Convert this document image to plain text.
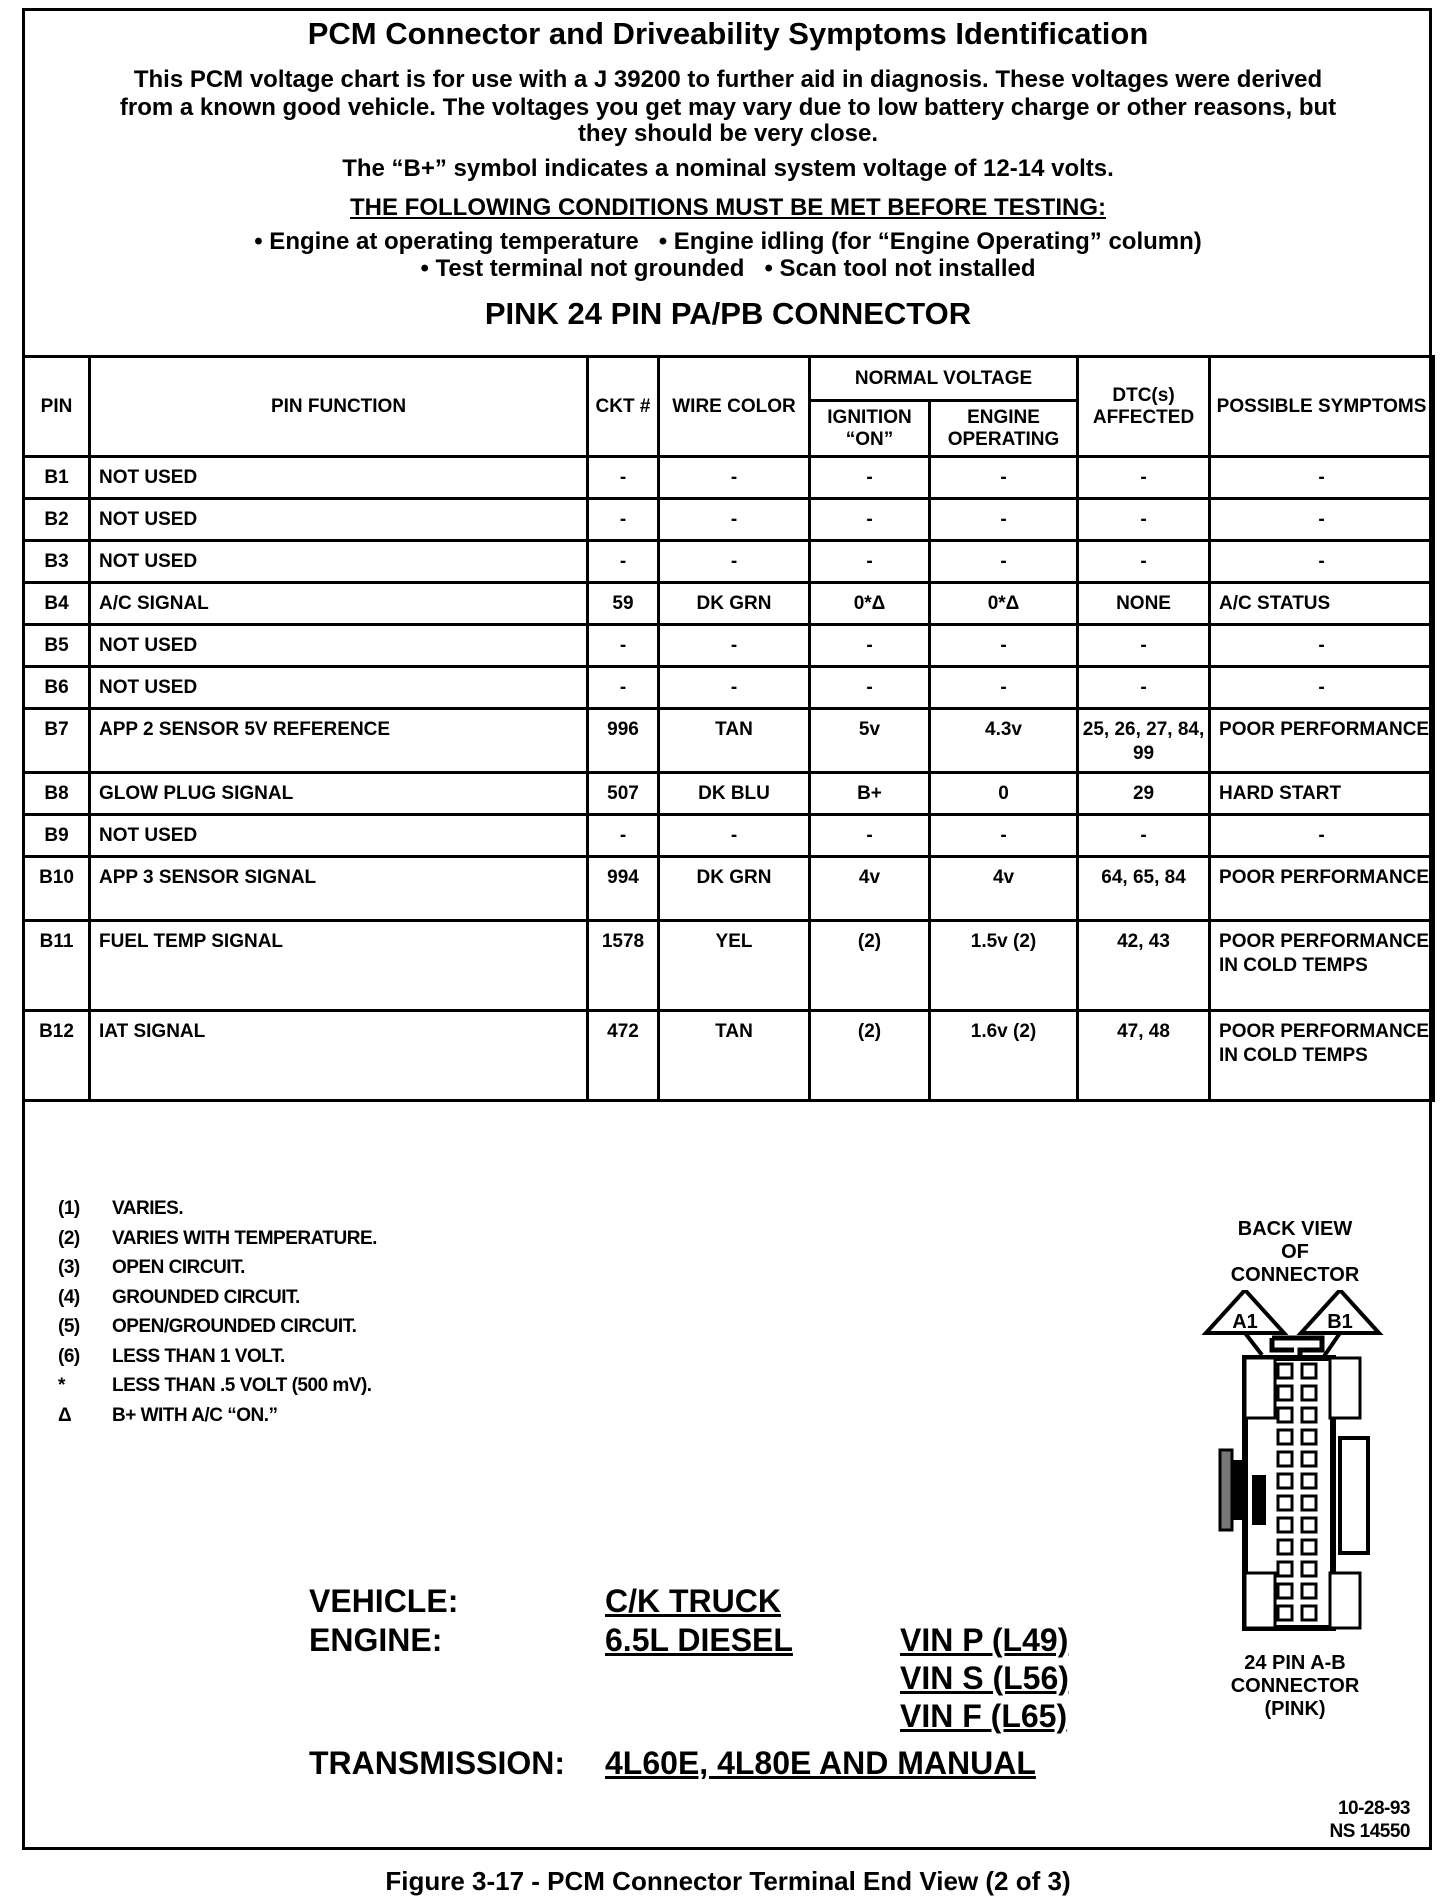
PCM Connector and Driveability Symptoms Identification
This PCM voltage chart is for use with a J 39200 to further aid in diagnosis. These voltages were derived
from a known good vehicle. The voltages you get may vary due to low battery charge or other reasons, but
they should be very close.
The “B+” symbol indicates a nominal system voltage of 12-14 volts.
THE FOLLOWING CONDITIONS MUST BE MET BEFORE TESTING:
• Engine at operating temperature   • Engine idling (for “Engine Operating” column)
• Test terminal not grounded   • Scan tool not installed
PINK 24 PIN PA/PB CONNECTOR
PIN	PIN FUNCTION	CKT #	WIRE COLOR	NORMAL VOLTAGE		DTC(s) AFFECTED	POSSIBLE SYMPTOMS
				IGNITION “ON”	ENGINE OPERATING		
B1	NOT USED	-	-	-	-	-	-
B2	NOT USED	-	-	-	-	-	-
B3	NOT USED	-	-	-	-	-	-
B4	A/C SIGNAL	59	DK GRN	0*Δ	0*Δ	NONE	A/C STATUS
B5	NOT USED	-	-	-	-	-	-
B6	NOT USED	-	-	-	-	-	-
B7	APP 2 SENSOR 5V REFERENCE	996	TAN	5v	4.3v	25, 26, 27, 84, 99	POOR PERFORMANCE
B8	GLOW PLUG SIGNAL	507	DK BLU	B+	0	29	HARD START
B9	NOT USED	-	-	-	-	-	-
B10	APP 3 SENSOR SIGNAL	994	DK GRN	4v	4v	64, 65, 84	POOR PERFORMANCE
B11	FUEL TEMP SIGNAL	1578	YEL	(2)	1.5v (2)	42, 43	POOR PERFORMANCE IN COLD TEMPS
B12	IAT SIGNAL	472	TAN	(2)	1.6v (2)	47, 48	POOR PERFORMANCE IN COLD TEMPS
(1) VARIES.
(2) VARIES WITH TEMPERATURE.
(3) OPEN CIRCUIT.
(4) GROUNDED CIRCUIT.
(5) OPEN/GROUNDED CIRCUIT.
(6) LESS THAN 1 VOLT.
* LESS THAN .5 VOLT (500 mV).
Δ B+ WITH A/C “ON.”
VEHICLE:	C/K TRUCK
ENGINE:	6.5L DIESEL	VIN P (L49)
VIN S (L56)
VIN F (L65)
TRANSMISSION: 4L60E, 4L80E AND MANUAL
BACK VIEW
OF
CONNECTOR
24 PIN A-B
CONNECTOR
(PINK)
A1	B1
10-28-93
NS 14550
Figure 3-17 - PCM Connector Terminal End View (2 of 3)
